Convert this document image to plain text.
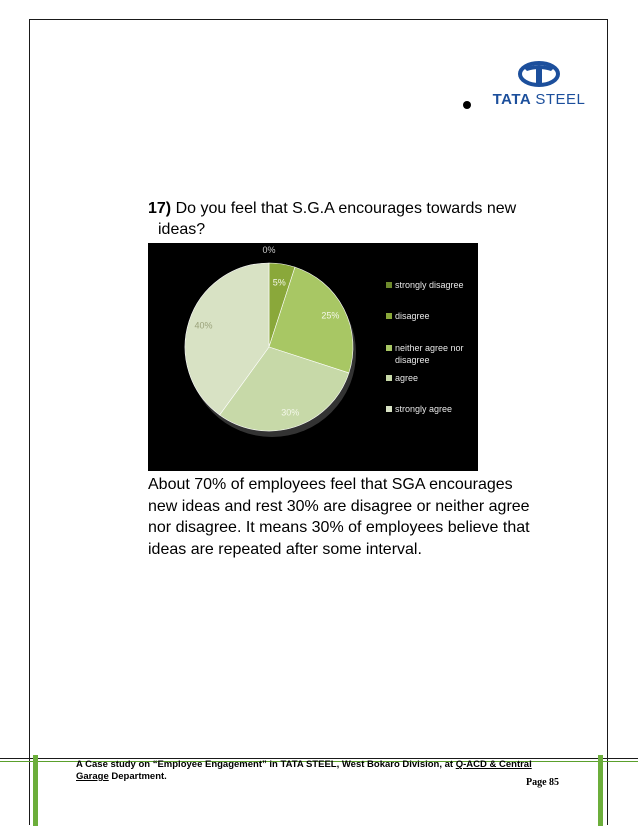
TATA STEEL
17) Do you feel that S.G.A encourages towards new
ideas?
0%
5%
25%
30%
40%
strongly disagree
disagree
neither agree nor
disagree
agree
strongly agree
About 70% of employees feel that SGA encourages
new ideas and rest 30% are disagree or neither agree
nor disagree. It means 30% of employees believe that
ideas are repeated after some interval.
A Case study on “Employee Engagement” in TATA STEEL, West Bokaro Division, at Q-ACD & Central
Garage Department.
Page 85
